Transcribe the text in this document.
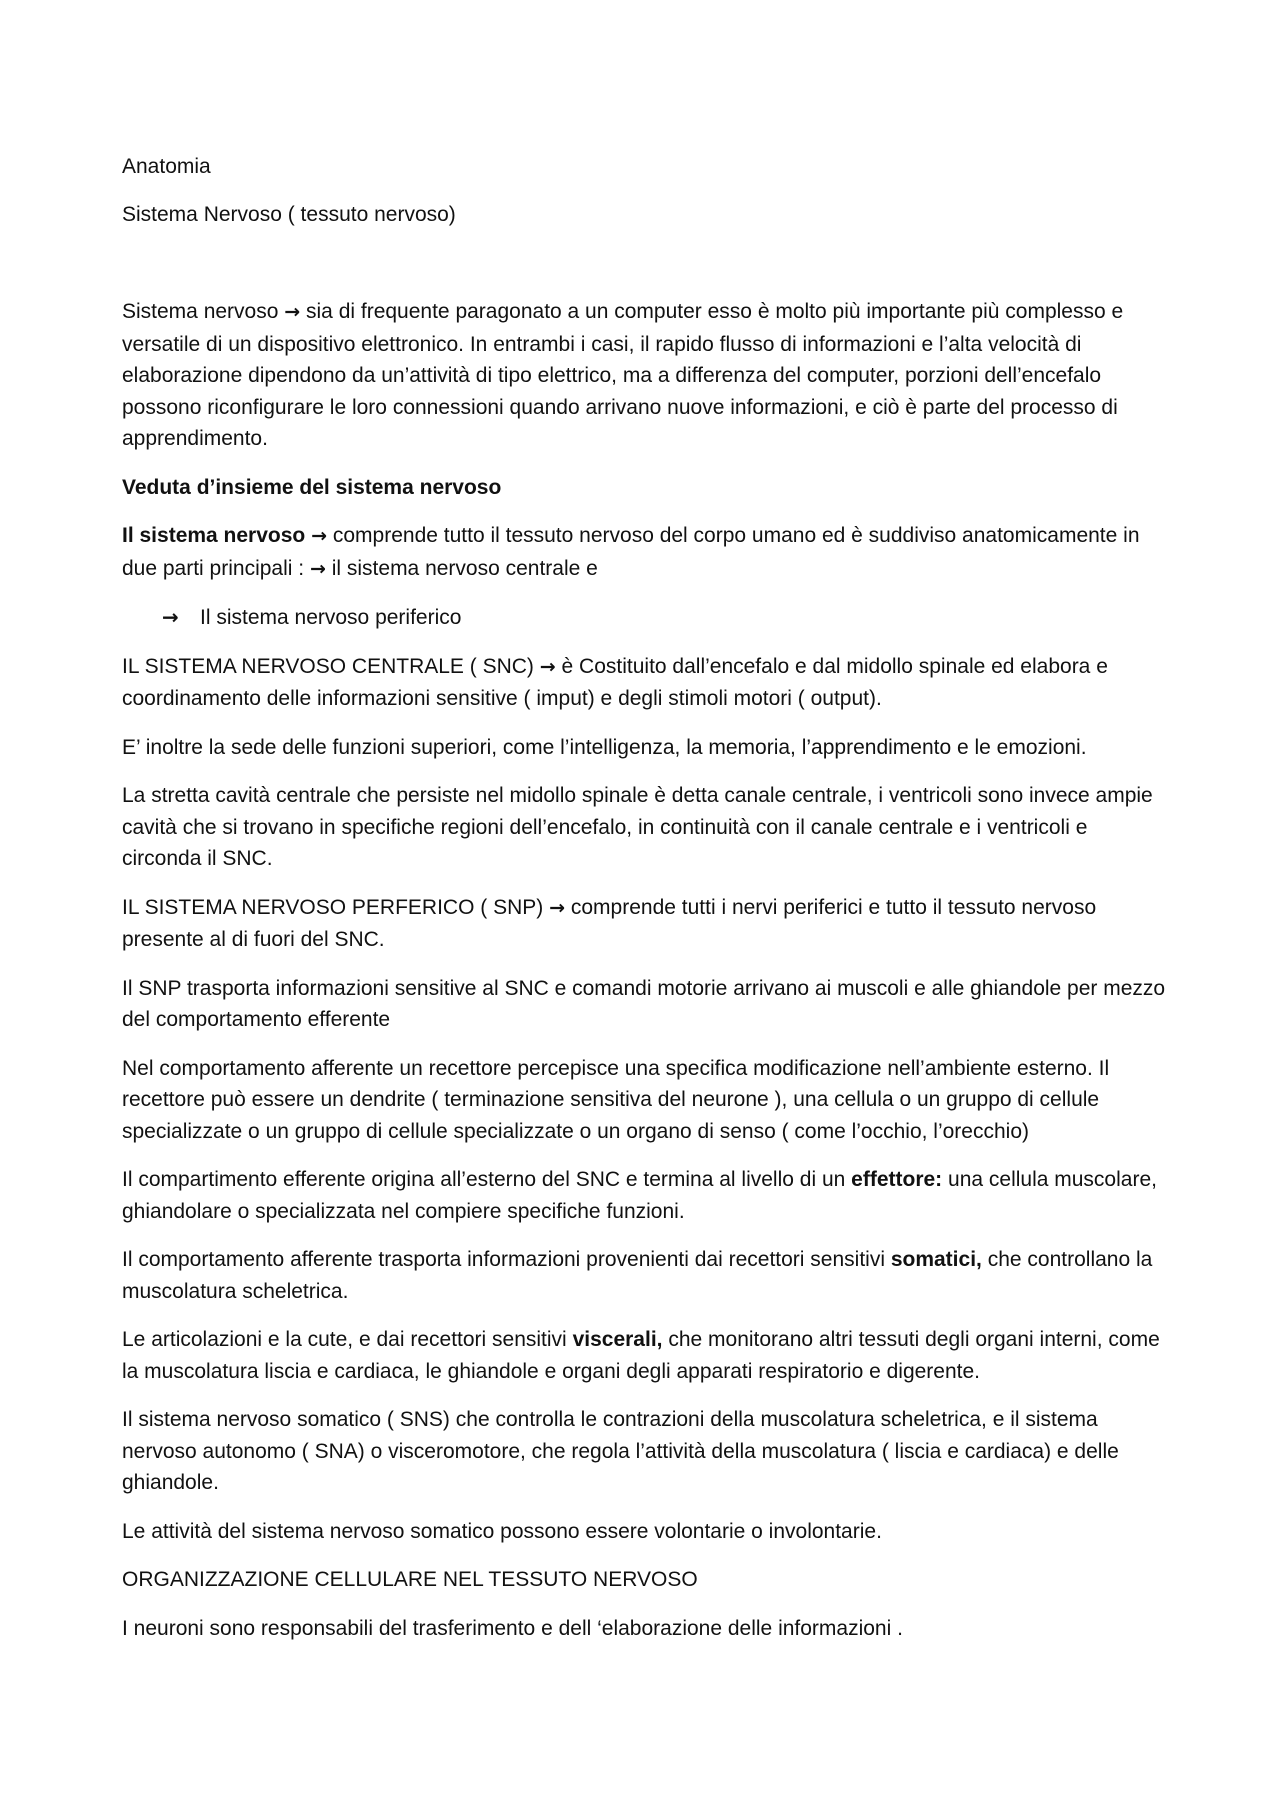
Anatomia

Sistema Nervoso ( tessuto nervoso)

Sistema nervoso → sia di frequente paragonato a un computer esso è molto più importante più complesso e versatile di un dispositivo elettronico. In entrambi i casi, il rapido flusso di informazioni e l’alta velocità di elaborazione dipendono da un’attività di tipo elettrico, ma a differenza del computer, porzioni dell’encefalo possono riconfigurare le loro connessioni quando arrivano nuove informazioni, e ciò è parte del processo di apprendimento.

Veduta d’insieme del sistema nervoso

Il sistema nervoso → comprende tutto il tessuto nervoso del corpo umano ed è suddiviso anatomicamente in due parti principali : → il sistema nervoso centrale e

→ Il sistema nervoso periferico

IL SISTEMA NERVOSO CENTRALE ( SNC) → è Costituito dall’encefalo e dal midollo spinale ed elabora e coordinamento delle informazioni sensitive ( imput) e degli stimoli motori ( output).

E’ inoltre la sede delle funzioni superiori, come l’intelligenza, la memoria, l’apprendimento e le emozioni.

La stretta cavità centrale che persiste nel midollo spinale è detta canale centrale, i ventricoli sono invece ampie cavità che si trovano in specifiche regioni dell’encefalo, in continuità con il canale centrale e i ventricoli e circonda il SNC.

IL SISTEMA NERVOSO PERFERICO ( SNP) → comprende tutti i nervi periferici e tutto il tessuto nervoso presente al di fuori del SNC.

Il SNP trasporta informazioni sensitive al SNC e comandi motorie arrivano ai muscoli e alle ghiandole per mezzo del comportamento efferente

Nel comportamento afferente un recettore percepisce una specifica modificazione nell’ambiente esterno. Il recettore può essere un dendrite ( terminazione sensitiva del neurone ), una cellula o un gruppo di cellule specializzate o un gruppo di cellule specializzate o un organo di senso ( come l’occhio, l’orecchio)

Il compartimento efferente origina all’esterno del SNC e termina al livello di un effettore: una cellula muscolare, ghiandolare o specializzata nel compiere specifiche funzioni.

Il comportamento afferente trasporta informazioni provenienti dai recettori sensitivi somatici, che controllano la muscolatura scheletrica.

Le articolazioni e la cute, e dai recettori sensitivi viscerali, che monitorano altri tessuti degli organi interni, come la muscolatura liscia e cardiaca, le ghiandole e organi degli apparati respiratorio e digerente.

Il sistema nervoso somatico ( SNS) che controlla le contrazioni della muscolatura scheletrica, e il sistema nervoso autonomo ( SNA) o visceromotore, che regola l’attività della muscolatura ( liscia e cardiaca) e delle ghiandole.

Le attività del sistema nervoso somatico possono essere volontarie o involontarie.

ORGANIZZAZIONE CELLULARE NEL TESSUTO NERVOSO

I neuroni sono responsabili del trasferimento e dell ‘elaborazione delle informazioni .
